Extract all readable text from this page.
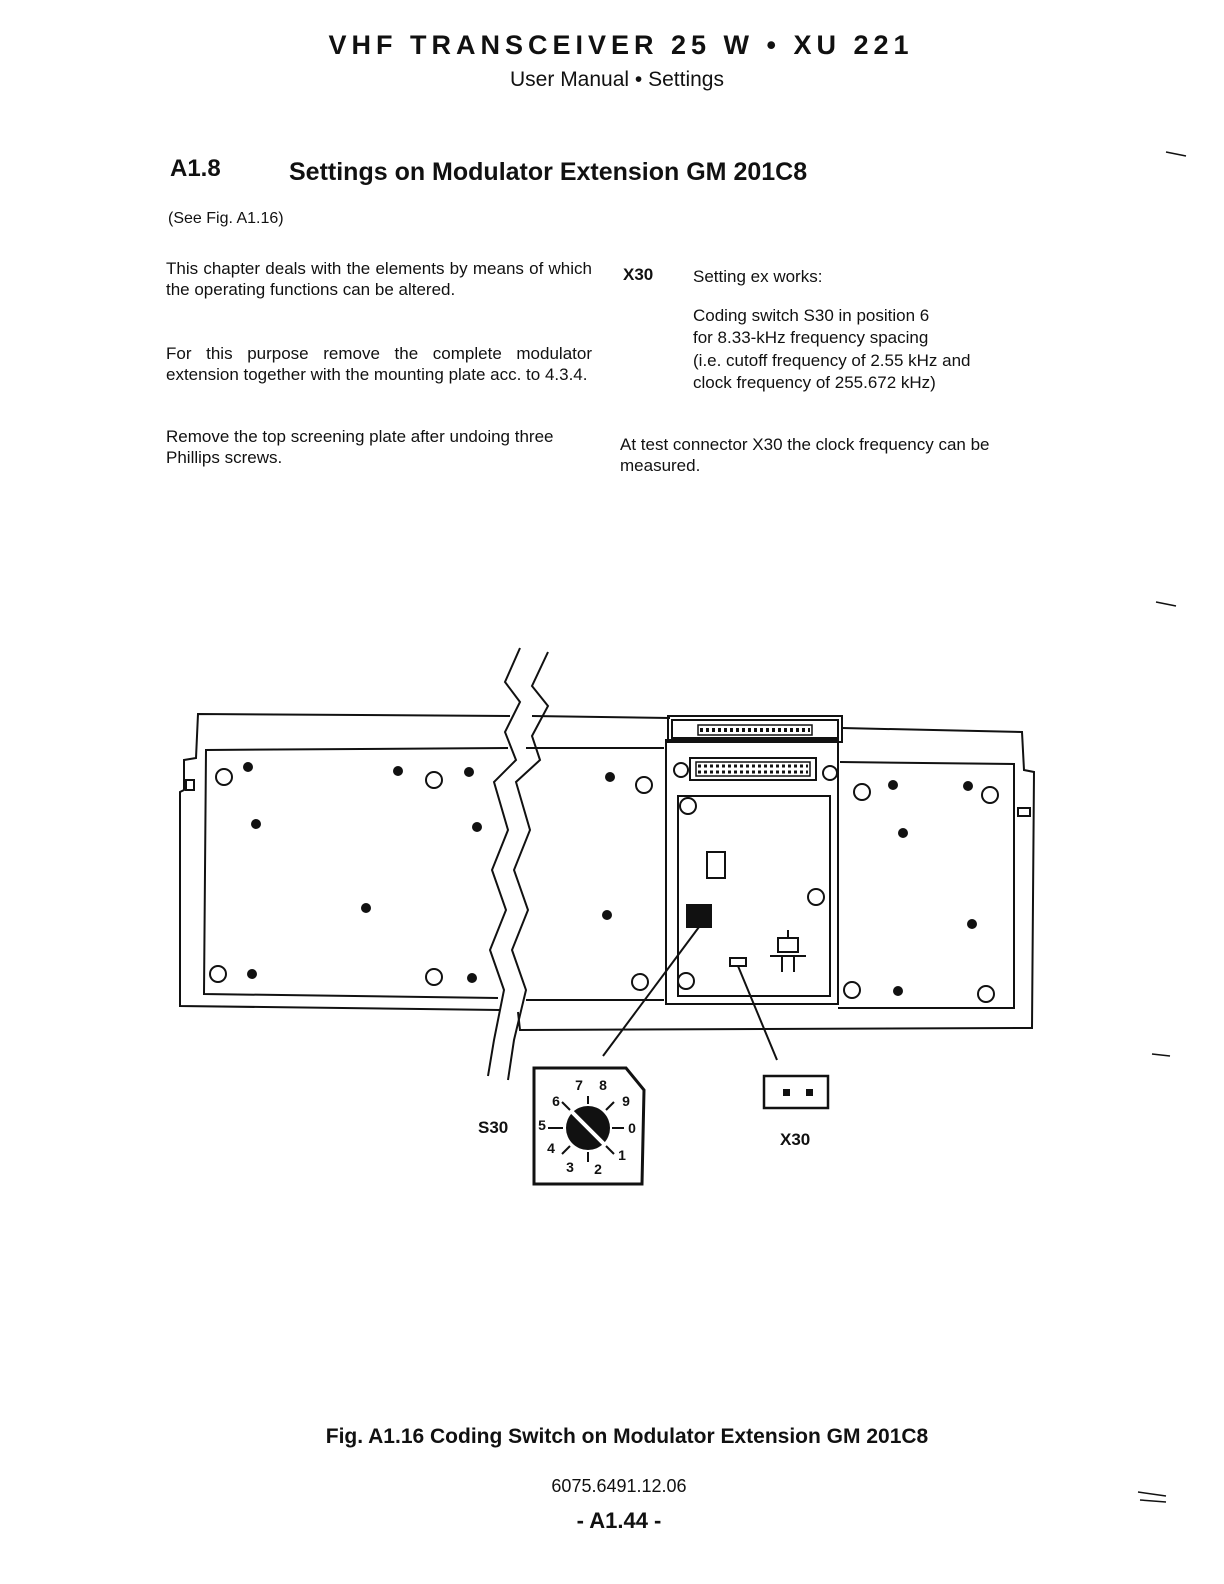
VHF TRANSCEIVER 25 W • XU 221
User Manual • Settings
A1.8	Settings on Modulator Extension GM 201C8
(See Fig. A1.16)
This chapter deals with the elements by means of which the operating functions can be altered.
For this purpose remove the complete modulator extension together with the mounting plate acc. to 4.3.4.
Remove the top screening plate after undoing three Phillips screws.
X30 Setting ex works:
Coding switch S30 in position 6
for 8.33-kHz frequency spacing
(i.e. cutoff frequency of 2.55 kHz and
clock frequency of 255.672 kHz)
At test connector X30 the clock frequency can be measured.
0
1
2
3
4
5
6
7 8
9
S30
X30
Fig. A1.16 Coding Switch on Modulator Extension GM 201C8
6075.6491.12.06
- A1.44 -
